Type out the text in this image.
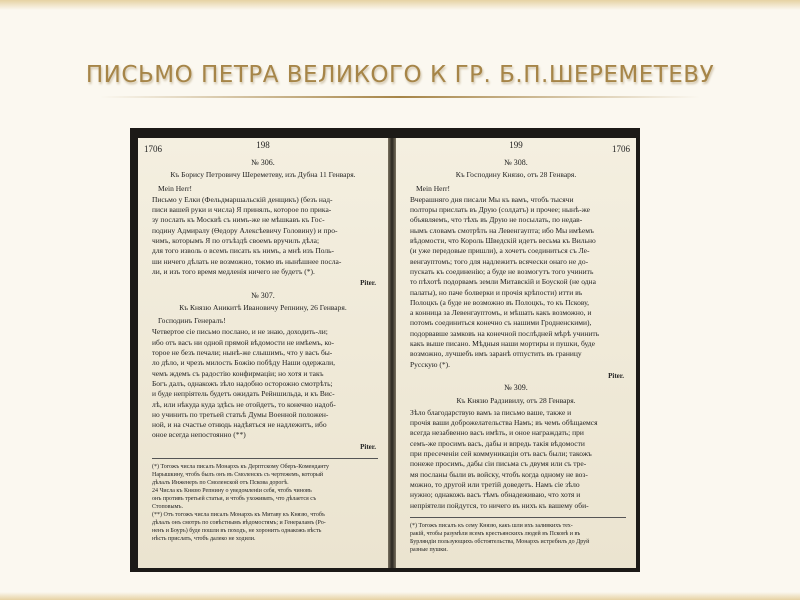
ПИСЬМО ПЕТРА ВЕЛИКОГО К ГР. Б.П.ШЕРЕМЕТЕВУ
1706	198
№ 306.
Къ Борису Петровичу Шереметеву, изъ Дубна 11 Генваря.
Mein Herr!
Письмо у Елки (Фельдмаршальскій денщикъ) (безъ над-
писи вашей руки и числа) Я принялъ, которое по прика-
зу послать къ Москвѣ съ нимъ-же не мѣшкавъ къ Гос-
подину Адмиралу (Ѳедору Алексѣевичу Головину) и про-
чимъ, которымъ Я по отъѣздѣ своемъ вручилъ дѣла;
для того изволь о всемъ писать къ нимъ, а мнѣ изъ Поль-
ши ничего дѣлать не возможно, токмо въ нынѣшнее посла-
ли, и изъ того время медленія ничего не будетъ (*).
Piter.
№ 307.
Къ Князю Аникитѣ Ивановичу Репнину, 26 Генваря.
Господинъ Генералъ!
Четвертое сіе письмо послано, и не знаю, доходить-ли;
ибо отъ васъ ни одной прямой вѣдомости не имѣемъ, ко-
торое не безъ печали; нынѣ-же слышимъ, что у васъ бы-
ло дѣло, и чрезъ милость Божію побѣду Наши одержали,
чемъ ждемъ съ радостію конфирмаціи; но хотя и такъ
Богъ далъ, однакожъ зѣло надобно осторожно смотрѣть;
и буде непріятель будетъ ожидать Рейншильда, и къ Вис-
лѣ, или нѣкуда куда здѣсь не отойдетъ, то конечно надоб-
но учинить по третьей статьѣ Думы Военной положен-
ной, и на счастье отнюдь надѣяться не надлежитъ, ибо
оное всегда непостоянно (**)
Piter.
(*) Тогожъ числа писалъ Монархъ къ Дерптскому Оберъ-Коменданту
Нарышкину, чтобъ былъ онъ въ Смоленскъ съ чертежемъ, который
дѣлалъ Инженеръ по Смоленской отъ Пскова дорогѣ.
24 Числа къ Князю Репнину о уведомленіи себя, чтобъ чиновъ
онъ противъ третьей статьи, и чтобъ ухоживать, что дѣлается съ
Стоповымъ.
(**) Отъ тогожъ числа писалъ Монархъ къ Митаву къ Князю, чтобъ
дѣлалъ онъ смотръ по совѣстнымъ вѣдомостямъ; и Генераламъ (Ро-
ненъ и Боуръ) буде пошли въ походъ, не хоронитъ однакожъ вѣсть
нѣсть прислать, чтобъ далеко не ходили.
199	1706
№ 308.
Къ Господину Князю, отъ 28 Генваря.
Mein Herr!
Вчерашняго дня писали Мы къ вамъ, чтобъ тысячи
полторы прислать въ Друю (солдатъ) и прочее; нынѣ-же
объявляемъ, что тѣхъ въ Друю не посылать, по недав-
нымъ словамъ смотрѣть на Левенгаупта; ибо Мы имѣемъ
вѣдомости, что Король Шведскій идетъ весьма къ Вильно
(и уже передовые пришли), а хочетъ соединиться съ Ле-
венгауптомъ; того для надлежитъ всячески онаго не до-
пускать къ соединенію; а буде не возмогутъ того учинить
то пѣхотѣ подорвамъ земли Митавскій и Боуской (не одна
палаты), но паче болверки и прочія крѣпости) итти въ
Полоцкъ (а буде не возможно въ Полоцкъ, то къ Пскову,
а конница за Левенгауптомъ, и мѣшать какъ возможно, и
потомъ соединиться конечно съ нашими Гродненскими),
подорвавше замковъ на конечной послѣдней мѣрѣ учинить
какъ выше писано. Мѣдныя наши мортиры и пушки, буде
возможно, лучшебъ имъ заранѣ отпустить въ границу
Русскую (*).
Piter.
№ 309.
Къ Князю Радзивилу, отъ 28 Генваря.
Зѣло благодарствую вамъ за письмо ваше, также и
прочія ваши доброжелательства Намъ; въ чемъ обѣщаемся
всегда незабвенно васъ имѣть, и оное награждать; при
семъ-же просимъ васъ, дабы и впредь такія вѣдомости
при пресеченіи сей коммуникаціи отъ васъ были; такожъ
понеже просимъ, дабы сіи письма съ двумя или съ тре-
мя посланы были въ войску, чтобъ когда одному не воз-
можно, то другой или третій доведетъ. Намъ сіе зѣло
нужно; однакожъ васъ тѣмъ обнадеживаю, что хотя и
непріятели пойдутся, то ничего въ нихъ къ вашему оби-
(*) Тогожъ писалъ къ сему Князю, какъ шли ихъ заливкихъ тех-
ракій, чтобы разумѣли всемъ крестьянскихъ людей въ Псковѣ и въ
Бурляндіи пользующихъ обстоятельства, Монархъ истребилъ до Друй
разные пушки.
